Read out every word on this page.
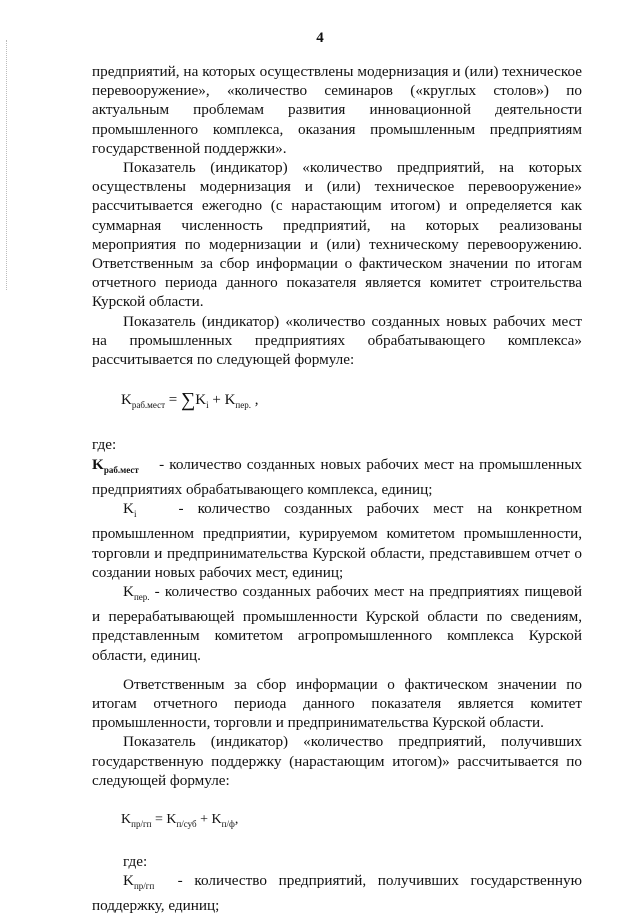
4

предприятий, на которых осуществлены модернизация и (или) техническое перевооружение», «количество семинаров («круглых столов») по актуальным проблемам развития инновационной деятельности промышленного комплекса, оказания промышленным предприятиям государственной поддержки».

Показатель (индикатор) «количество предприятий, на которых осуществлены модернизация и (или) техническое перевооружение» рассчитывается ежегодно (с нарастающим итогом) и определяется как суммарная численность предприятий, на которых реализованы мероприятия по модернизации и (или) техническому перевооружению. Ответственным за сбор информации о фактическом значении по итогам отчетного периода данного показателя является комитет строительства Курской области.

Показатель (индикатор) «количество созданных новых рабочих мест на промышленных предприятиях обрабатывающего комплекса» рассчитывается по следующей формуле:

$K_{раб.мест} = \sum K_i + K_{пер.}$ ,

где:

$K_{раб.мест}$ - количество созданных новых рабочих мест на промышленных предприятиях обрабатывающего комплекса, единиц;

$K_i$	- количество созданных рабочих мест на конкретном промышленном предприятии, курируемом комитетом промышленности, торговли и предпринимательства Курской области, представившем отчет о создании новых рабочих мест, единиц;

$K_{пер.}$ - количество созданных рабочих мест на предприятиях пищевой и перерабатывающей промышленности Курской области по сведениям, представленным комитетом агропромышленного комплекса Курской области, единиц.

Ответственным за сбор информации о фактическом значении по итогам отчетного периода данного показателя является комитет промышленности, торговли и предпринимательства Курской области.

Показатель (индикатор) «количество предприятий, получивших государственную поддержку (нарастающим итогом)» рассчитывается по следующей формуле:

$K_{пр/гп} = K_{п/суб} + K_{п/ф}$,

где:

$K_{пр/гп}$ - количество предприятий, получивших государственную поддержку, единиц;
